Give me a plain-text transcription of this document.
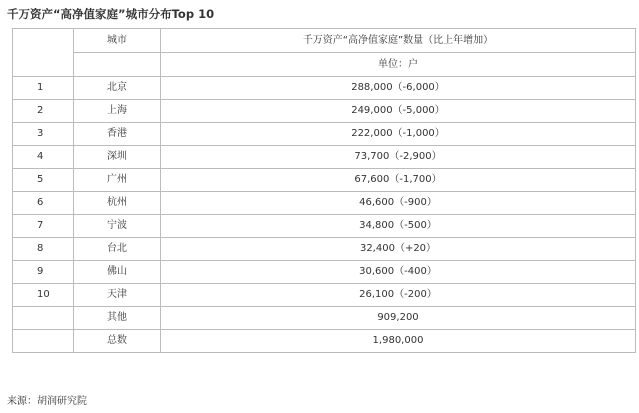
千万资产“高净值家庭”城市分布Top 10
	城市	千万资产“高净值家庭”数量（比上年增加）
		单位：户
1	北京	288,000（-6,000）
2	上海	249,000（-5,000）
3	香港	222,000（-1,000）
4	深圳	73,700（-2,900）
5	广州	67,600（-1,700）
6	杭州	46,600（-900）
7	宁波	34,800（-500）
8	台北	32,400（+20）
9	佛山	30,600（-400）
10	天津	26,100（-200）
	其他	909,200
	总数	1,980,000
来源：胡润研究院
